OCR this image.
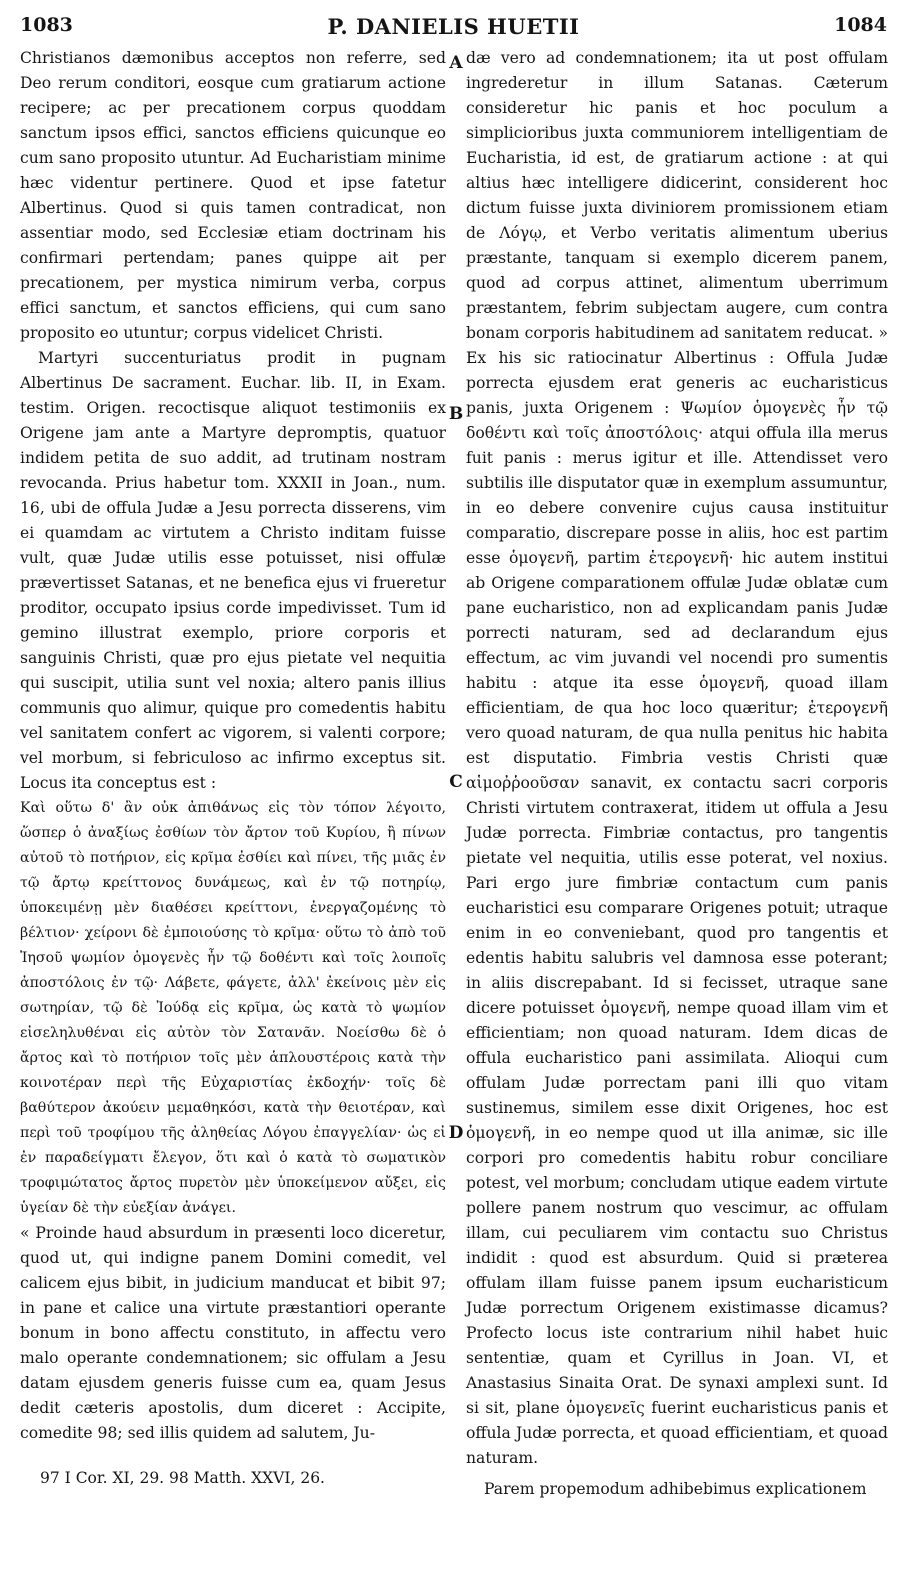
1083	P. DANIELIS HUETII	1084

Christianos dæmonibus acceptos non referre, sed Deo rerum conditori, eosque cum gratiarum actione recipere; ac per precationem corpus quoddam sanctum ipsos effici, sanctos efficiens quicunque eo cum sano proposito utuntur. Ad Eucharistiam minime hæc videntur pertinere. Quod et ipse fatetur Albertinus. Quod si quis tamen contradicat, non assentiar modo, sed Ecclesiæ etiam doctrinam his confirmari pertendam; panes quippe ait per precationem, per mystica nimirum verba, corpus effici sanctum, et sanctos efficiens, qui cum sano proposito eo utuntur; corpus videlicet Christi.

Martyri succenturiatus prodit in pugnam Albertinus De sacrament. Euchar. lib. II, in Exam. testim. Origen. recoctisque aliquot testimoniis ex Origene jam ante a Martyre depromptis, quatuor indidem petita de suo addit, ad trutinam nostram revocanda. Prius habetur tom. XXXII in Joan., num. 16, ubi de offula Judæ a Jesu porrecta disserens, vim ei quamdam ac virtutem a Christo inditam fuisse vult, quæ Judæ utilis esse potuisset, nisi offulæ prævertisset Satanas, et ne benefica ejus vi frueretur proditor, occupato ipsius corde impedivisset. Tum id gemino illustrat exemplo, priore corporis et sanguinis Christi, quæ pro ejus pietate vel nequitia qui suscipit, utilia sunt vel noxia; altero panis illius communis quo alimur, quique pro comedentis habitu vel sanitatem confert ac vigorem, si valenti corpore; vel morbum, si febriculoso ac infirmo exceptus sit. Locus ita conceptus est :

Καὶ οὕτω δ' ἂν οὐκ ἀπιθάνως εἰς τὸν τόπον λέγοιτο, ὥσπερ ὁ ἀναξίως ἐσθίων τὸν ἄρτον τοῦ Κυρίου, ἢ πίνων αὐτοῦ τὸ ποτήριον, εἰς κρῖμα ἐσθίει καὶ πίνει, τῆς μιᾶς ἐν τῷ ἄρτῳ κρείττονος δυνάμεως, καὶ ἐν τῷ ποτηρίῳ, ὑποκειμένῃ μὲν διαθέσει κρείττονι, ἐνεργαζομένης τὸ βέλτιον· χείρονι δὲ ἐμποιούσης τὸ κρῖμα· οὕτω τὸ ἀπὸ τοῦ Ἰησοῦ ψωμίον ὁμογενὲς ἦν τῷ δοθέντι καὶ τοῖς λοιποῖς ἀποστόλοις ἐν τῷ· Λάβετε, φάγετε, ἀλλ' ἐκείνοις μὲν εἰς σωτηρίαν, τῷ δὲ Ἰούδᾳ εἰς κρῖμα, ὡς κατὰ τὸ ψωμίον εἰσεληλυθέναι εἰς αὐτὸν τὸν Σατανᾶν. Νοείσθω δὲ ὁ ἄρτος καὶ τὸ ποτήριον τοῖς μὲν ἁπλουστέροις κατὰ τὴν κοινοτέραν περὶ τῆς Εὐχαριστίας ἐκδοχήν· τοῖς δὲ βαθύτερον ἀκούειν μεμαθηκόσι, κατὰ τὴν θειοτέραν, καὶ περὶ τοῦ τροφίμου τῆς ἀληθείας Λόγου ἐπαγγελίαν· ὡς εἰ ἐν παραδείγματι ἔλεγον, ὅτι καὶ ὁ κατὰ τὸ σωματικὸν τροφιμώτατος ἄρτος πυρετὸν μὲν ὑποκείμενον αὔξει, εἰς ὑγείαν δὲ τὴν εὐεξίαν ἀνάγει.

« Proinde haud absurdum in præsenti loco diceretur, quod ut, qui indigne panem Domini comedit, vel calicem ejus bibit, in judicium manducat et bibit 97; in pane et calice una virtute præstantiori operante bonum in bono affectu constituto, in affectu vero malo operante condemnationem; sic offulam a Jesu datam ejusdem generis fuisse cum ea, quam Jesus dedit cæteris apostolis, dum diceret : Accipite, comedite 98; sed illis quidem ad salutem, Ju-

A
B
C
D

dæ vero ad condemnationem; ita ut post offulam ingrederetur in illum Satanas. Cæterum consideretur hic panis et hoc poculum a simplicioribus juxta communiorem intelligentiam de Eucharistia, id est, de gratiarum actione : at qui altius hæc intelligere didicerint, considerent hoc dictum fuisse juxta diviniorem promissionem etiam de Λόγῳ, et Verbo veritatis alimentum uberius præstante, tanquam si exemplo dicerem panem, quod ad corpus attinet, alimentum uberrimum præstantem, febrim subjectam augere, cum contra bonam corporis habitudinem ad sanitatem reducat. » Ex his sic ratiocinatur Albertinus : Offula Judæ porrecta ejusdem erat generis ac eucharisticus panis, juxta Origenem : Ψωμίον ὁμογενὲς ἦν τῷ δοθέντι καὶ τοῖς ἀποστόλοις· atqui offula illa merus fuit panis : merus igitur et ille. Attendisset vero subtilis ille disputator quæ in exemplum assumuntur, in eo debere convenire cujus causa instituitur comparatio, discrepare posse in aliis, hoc est partim esse ὁμογενῆ, partim ἑτερογενῆ· hic autem institui ab Origene comparationem offulæ Judæ oblatæ cum pane eucharistico, non ad explicandam panis Judæ porrecti naturam, sed ad declarandum ejus effectum, ac vim juvandi vel nocendi pro sumentis habitu : atque ita esse ὁμογενῆ, quoad illam efficientiam, de qua hoc loco quæritur; ἑτερογενῆ vero quoad naturam, de qua nulla penitus hic habita est disputatio. Fimbria vestis Christi quæ αἱμοῤῥοοῦσαν sanavit, ex contactu sacri corporis Christi virtutem contraxerat, itidem ut offula a Jesu Judæ porrecta. Fimbriæ contactus, pro tangentis pietate vel nequitia, utilis esse poterat, vel noxius. Pari ergo jure fimbriæ contactum cum panis eucharistici esu comparare Origenes potuit; utraque enim in eo conveniebant, quod pro tangentis et edentis habitu salubris vel damnosa esse poterant; in aliis discrepabant. Id si fecisset, utraque sane dicere potuisset ὁμογενῆ, nempe quoad illam vim et efficientiam; non quoad naturam. Idem dicas de offula eucharistico pani assimilata. Alioqui cum offulam Judæ porrectam pani illi quo vitam sustinemus, similem esse dixit Origenes, hoc est ὁμογενῆ, in eo nempe quod ut illa animæ, sic ille corpori pro comedentis habitu robur conciliare potest, vel morbum; concludam utique eadem virtute pollere panem nostrum quo vescimur, ac offulam illam, cui peculiarem vim contactu suo Christus indidit : quod est absurdum. Quid si præterea offulam illam fuisse panem ipsum eucharisticum Judæ porrectum Origenem existimasse dicamus? Profecto locus iste contrarium nihil habet huic sententiæ, quam et Cyrillus in Joan. VI, et Anastasius Sinaita Orat. De synaxi amplexi sunt. Id si sit, plane ὁμογενεῖς fuerint eucharisticus panis et offula Judæ porrecta, et quoad efficientiam, et quoad naturam.

Parem propemodum adhibebimus explicationem

97 I Cor. XI, 29. 98 Matth. XXVI, 26.
